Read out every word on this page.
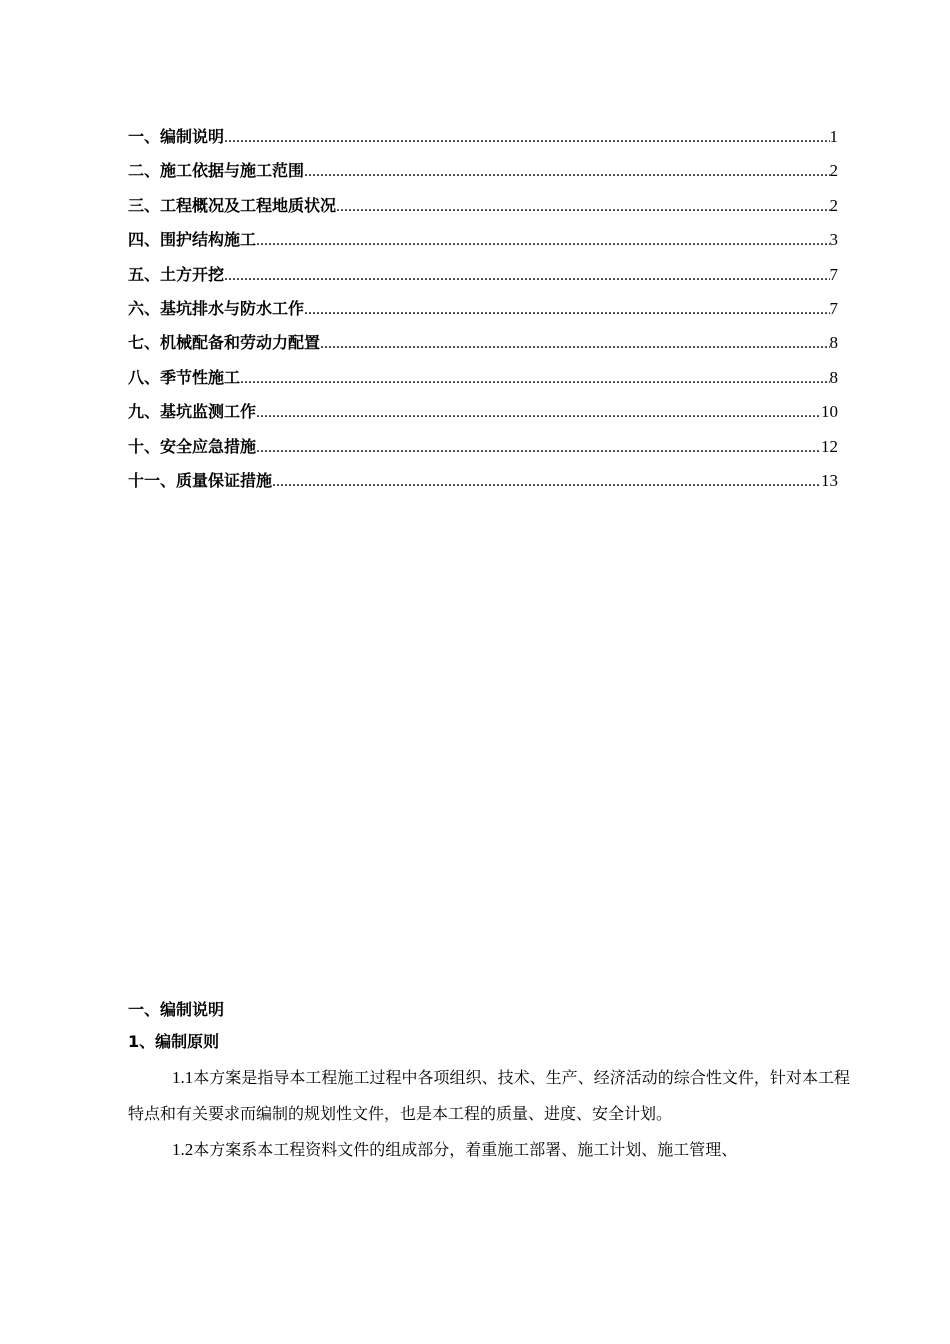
一、编制说明 .....	1
二、施工依据与施工范围 .....	2
三、工程概况及工程地质状况 .....	2
四、围护结构施工 .....	3
五、土方开挖 .....	7
六、基坑排水与防水工作 .....	7
七、机械配备和劳动力配置 .....	8
八、季节性施工 .....	8
九、基坑监测工作 .....	10
十、安全应急措施 .....	12
十一、质量保证措施 .....	13
一、编制说明
1、编制原则

1.1本方案是指导本工程施工过程中各项组织、技术、生产、经济活动的综合性文件，针对本工程特点和有关要求而编制的规划性文件，也是本工程的质量、进度、安全计划。

1.2本方案系本工程资料文件的组成部分，着重施工部署、施工计划、施工管理、
